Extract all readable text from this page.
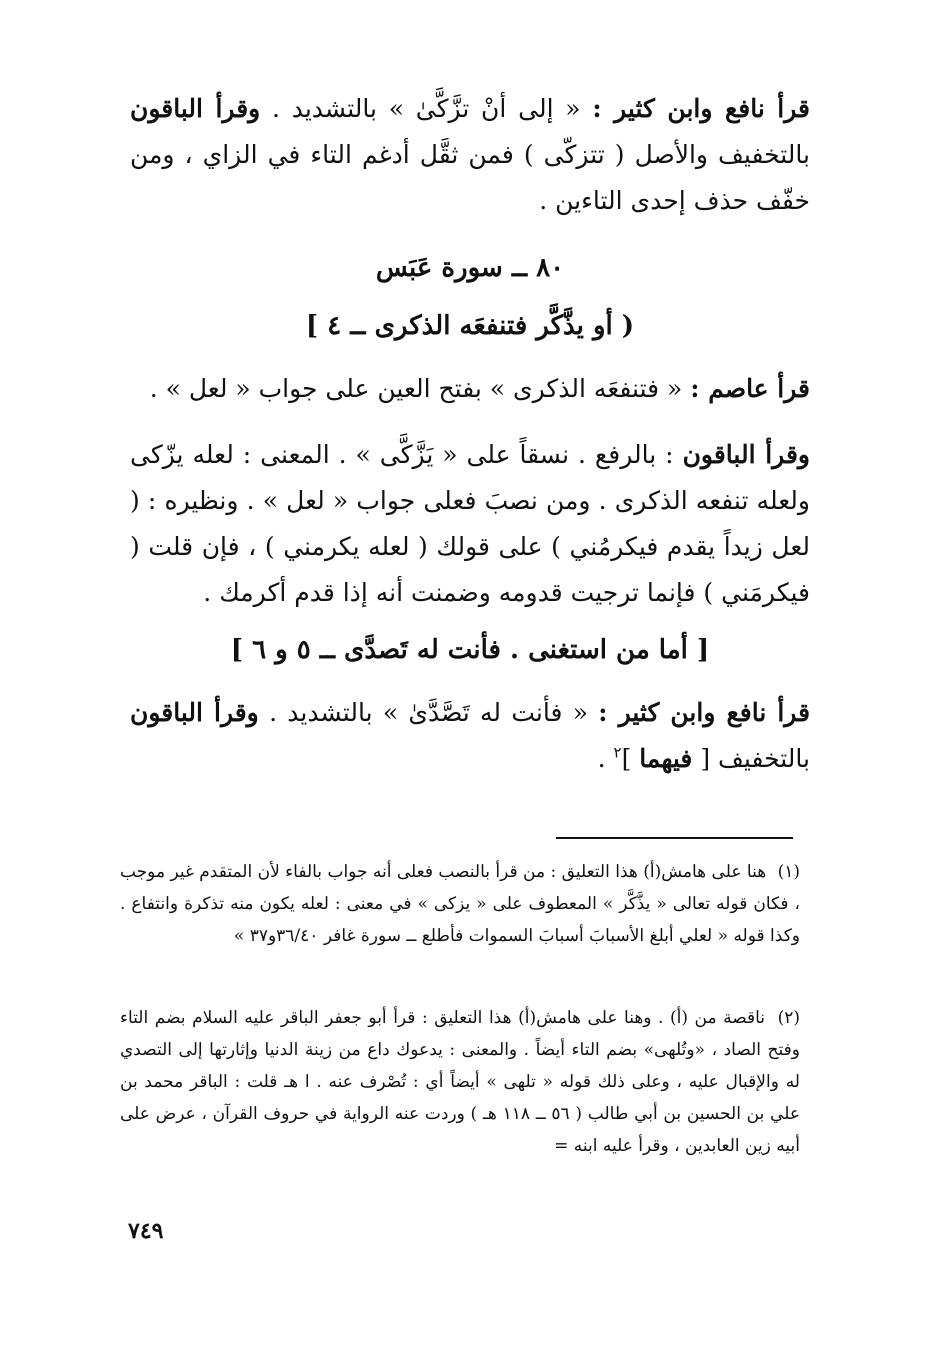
قرأ نافع وابن كثير : « إلى أنْ تزَّكَّىٰ » بالتشديد . وقرأ الباقون بالتخفيف والأصل ( تتزكّى ) فمن ثقَّل أدغم التاء في الزاي ، ومن خفّف حذف إحدى التاءين .
٨٠ ــ سورة عَبَس
( أو يذَّكَّر فتنفعَه الذكرى ــ ٤ ]
قرأ عاصم : « فتنفعَه الذكرى » بفتح العين على جواب « لعل » .
وقرأ الباقون : بالرفع . نسقاً على « يَزَّكَّى » . المعنى : لعله يزّكى ولعله تنفعه الذكرى . ومن نصبَ فعلى جواب « لعل » . ونظيره : ( لعل زيداً يقدم فيكرمُني ) على قولك ( لعله يكرمني ) ، فإن قلت ( فيكرمَني ) فإنما ترجيت قدومه وضمنت أنه إذا قدم أكرمك .
[ أما من استغنى . فأنت له تَصدَّى ــ ٥ و ٦ ]
قرأ نافع وابن كثير : « فأنت له تَصَّدَّىٰ » بالتشديد . وقرأ الباقون بالتخفيف [ فيهما ]$^٢$ .
(١) هنا على هامش(أ) هذا التعليق : من قرأ بالنصب فعلى أنه جواب بالفاء لأن المتقدم غير موجب ، فكان قوله تعالى « يذَّكَّر » المعطوف على « يزكى » في معنى : لعله يكون منه تذكرة وانتفاع . وكذا قوله « لعلي أبلغ الأسبابَ أسبابَ السموات فأطلع ــ سورة غافر ٣٦/٤٠و٣٧ »
(٢) ناقصة من (أ) . وهنا على هامش(أ) هذا التعليق : قرأ أبو جعفر الباقر عليه السلام بضم التاء وفتح الصاد ، «وتُلهى» بضم التاء أيضاً . والمعنى : يدعوك داع من زينة الدنيا وإثارتها إلى التصدي له والإقبال عليه ، وعلى ذلك قوله « تلهى » أيضاً أي : تُصْرف عنه . ا هـ قلت : الباقر محمد بن علي بن الحسين بن أبي طالب ( ٥٦ ــ ١١٨ هـ ) وردت عنه الرواية في حروف القرآن ، عرض على أبيه زين العابدين ، وقرأ عليه ابنه =
٧٤٩
